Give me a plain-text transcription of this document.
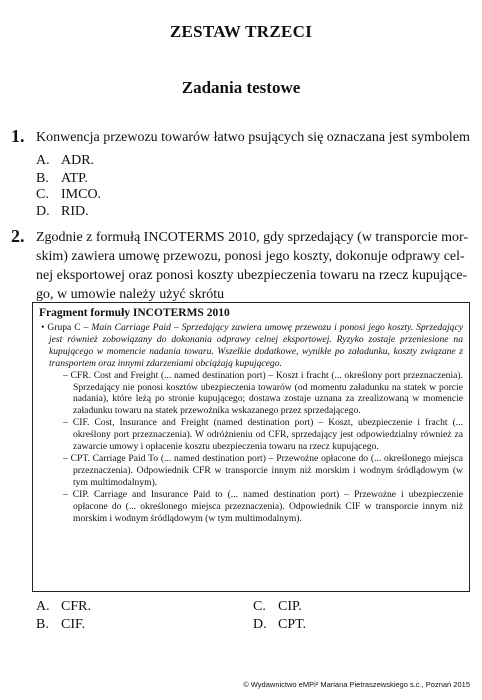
ZESTAW TRZECI
Zadania testowe
1. Konwencja przewozu towarów łatwo psujących się oznaczana jest symbolem
A. ADR.
B. ATP.
C. IMCO.
D. RID.
2. Zgodnie z formułą INCOTERMS 2010, gdy sprzedający (w transporcie mor-
skim) zawiera umowę przewozu, ponosi jego koszty, dokonuje odprawy cel-
nej eksportowej oraz ponosi koszty ubezpieczenia towaru na rzecz kupujące-
go, w umowie należy użyć skrótu
Fragment formuły INCOTERMS 2010

• Grupa C – Main Carriage Paid – Sprzedający zawiera umowę przewozu i ponosi jego koszty. Sprzedający jest również zobowiązany do dokonania odprawy celnej eksportowej. Ryzyko zostaje przeniesione na kupującego w momencie nadania towaru. Wszelkie dodatkowe, wynikłe po załadunku, koszty związane z transportem oraz innymi zdarzeniami obciążają kupującego.

– CFR. Cost and Freight (... named destination port) – Koszt i fracht (... określony port przeznaczenia). Sprzedający nie ponosi kosztów ubezpieczenia towarów (od momentu załadunku na statek w porcie nadania), które leżą po stronie kupującego; dostawa zostaje uznana za zrealizowaną w momencie załadunku towaru na statek przewoźnika wskazanego przez sprzedającego.

– CIF. Cost, Insurance and Freight (named destination port) – Koszt, ubezpieczenie i fracht (... określony port przeznaczenia). W odróżnieniu od CFR, sprzedający jest odpowiedzialny również za zawarcie umowy i opłacenie kosztu ubezpieczenia towaru na rzecz kupującego.

– CPT. Carriage Paid To (... named destination port) – Przewoźne opłacone do (... określonego miejsca przeznaczenia). Odpowiednik CFR w transporcie innym niż morskim i wodnym śródlądowym (w tym multimodalnym).

– CIP. Carriage and Insurance Paid to (... named destination port) – Przewoźne i ubezpieczenie opłacone do (... określonego miejsca przeznaczenia). Odpowiednik CIF w transporcie innym niż morskim i wodnym śródlądowym (w tym multimodalnym).

A. CFR.
B. CIF.
C. CIP.
D. CPT.
© Wydawnictwo eMPi² Mariana Pietraszewskiego s.c., Poznań 2015
